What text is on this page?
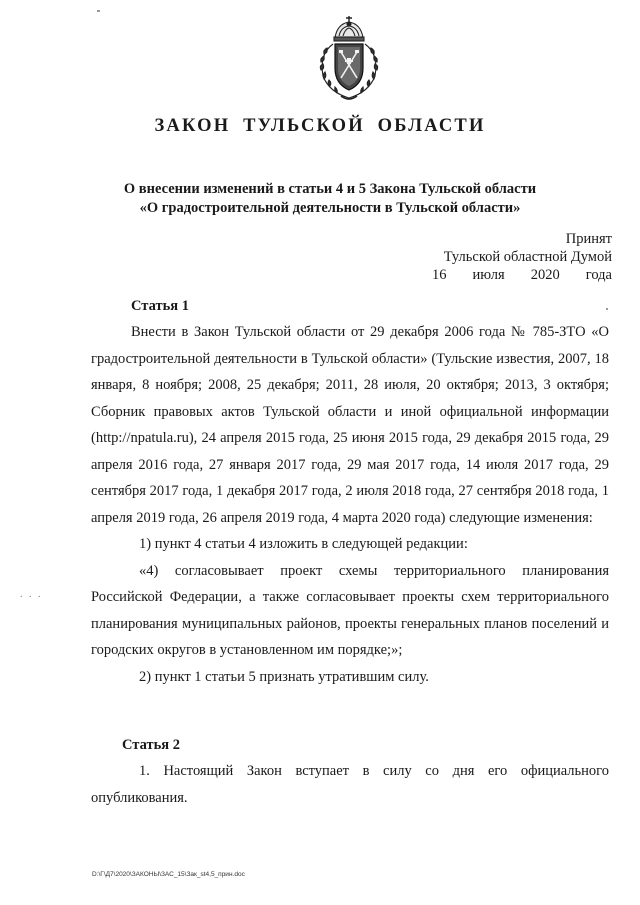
ЗАКОН ТУЛЬСКОЙ ОБЛАСТИ
О внесении изменений в статьи 4 и 5 Закона Тульской области
«О градостроительной деятельности в Тульской области»
Принят
Тульской областной Думой
16 июля 2020 года
Статья 1

Внести в Закон Тульской области от 29 декабря 2006 года № 785-ЗТО «О градостроительной деятельности в Тульской области» (Тульские известия, 2007, 18 января, 8 ноября; 2008, 25 декабря; 2011, 28 июля, 20 октября; 2013, 3 октября; Сборник правовых актов Тульской области и иной официальной информации (http://npatula.ru), 24 апреля 2015 года, 25 июня 2015 года, 29 декабря 2015 года, 29 апреля 2016 года, 27 января 2017 года, 29 мая 2017 года, 14 июля 2017 года, 29 сентября 2017 года, 1 декабря 2017 года, 2 июля 2018 года, 27 сентября 2018 года, 1 апреля 2019 года, 26 апреля 2019 года, 4 марта 2020 года) следующие изменения:

1) пункт 4 статьи 4 изложить в следующей редакции:

«4) согласовывает проект схемы территориального планирования Российской Федерации, а также согласовывает проекты схем территориального планирования муниципальных районов, проекты генеральных планов поселений и городских округов в установленном им порядке;»;

2) пункт 1 статьи 5 признать утратившим силу.

. . .
Статья 2

1. Настоящий Закон вступает в силу со дня его официального опубликования.

D:\Г\Д7\2020\ЗАКОНЫ\ЗАС_15\Зак_st4,5_прин.doc
